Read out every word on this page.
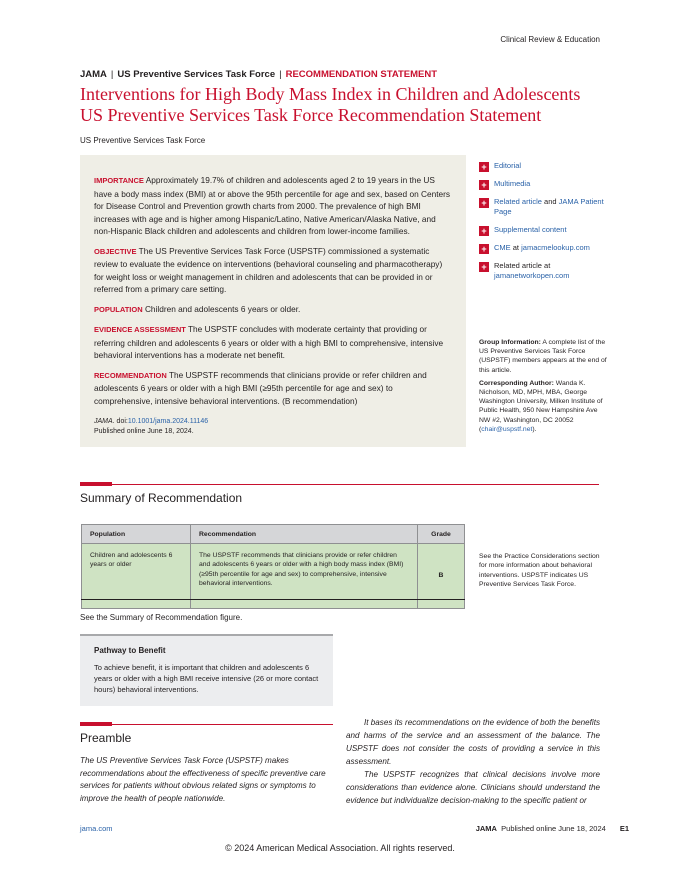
Clinical Review & Education
JAMA | US Preventive Services Task Force | RECOMMENDATION STATEMENT
Interventions for High Body Mass Index in Children and Adolescents
US Preventive Services Task Force Recommendation Statement
US Preventive Services Task Force

IMPORTANCE Approximately 19.7% of children and adolescents aged 2 to 19 years in the US have a body mass index (BMI) at or above the 95th percentile for age and sex, based on Centers for Disease Control and Prevention growth charts from 2000. The prevalence of high BMI increases with age and is higher among Hispanic/Latino, Native American/Alaska Native, and non-Hispanic Black children and adolescents and children from lower-income families.

OBJECTIVE The US Preventive Services Task Force (USPSTF) commissioned a systematic review to evaluate the evidence on interventions (behavioral counseling and pharmacotherapy) for weight loss or weight management in children and adolescents that can be provided in or referred from a primary care setting.

POPULATION Children and adolescents 6 years or older.

EVIDENCE ASSESSMENT The USPSTF concludes with moderate certainty that providing or referring children and adolescents 6 years or older with a high BMI to comprehensive, intensive behavioral interventions has a moderate net benefit.

RECOMMENDATION The USPSTF recommends that clinicians provide or refer children and adolescents 6 years or older with a high BMI (≥95th percentile for age and sex) to comprehensive, intensive behavioral interventions. (B recommendation)

JAMA. doi:10.1001/jama.2024.11146
Published online June 18, 2024.
+ Editorial
+ Multimedia
+ Related article and JAMA Patient Page
+ Supplemental content
+ CME at jamacmelookup.com
+ Related article at
jamanetworkopen.com

Group Information: A complete list of the US Preventive Services Task Force (USPSTF) members appears at the end of this article.

Corresponding Author: Wanda K. Nicholson, MD, MPH, MBA, George Washington University, Milken Institute of Public Health, 950 New Hampshire Ave NW #2, Washington, DC 20052 (chair@uspstf.net).

Summary of Recommendation
Population	Recommendation	Grade
Children and adolescents 6 years or older	The USPSTF recommends that clinicians provide or refer children and adolescents 6 years or older with a high body mass index (BMI) (≥95th percentile for age and sex) to comprehensive, intensive behavioral interventions.	B
See the Practice Considerations section for more information about behavioral interventions. USPSTF indicates US Preventive Services Task Force.
See the Summary of Recommendation figure.
Pathway to Benefit
To achieve benefit, it is important that children and adolescents 6 years or older with a high BMI receive intensive (26 or more contact hours) behavioral interventions.
Preamble
The US Preventive Services Task Force (USPSTF) makes recommendations about the effectiveness of specific preventive care services for patients without obvious related signs or symptoms to improve the health of people nationwide.

It bases its recommendations on the evidence of both the benefits and harms of the service and an assessment of the balance. The USPSTF does not consider the costs of providing a service in this assessment.

The USPSTF recognizes that clinical decisions involve more considerations than evidence alone. Clinicians should understand the evidence but individualize decision-making to the specific patient or

jama.com	JAMA Published online June 18, 2024 E1
© 2024 American Medical Association. All rights reserved.
